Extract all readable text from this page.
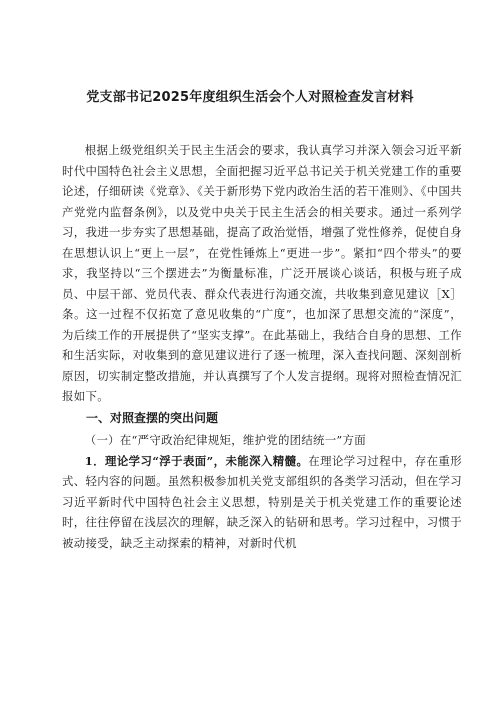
党支部书记2025年度组织生活会个人对照检查发言材料

根据上级党组织关于民主生活会的要求，我认真学习并深入领会习近平新时代中国特色社会主义思想，全面把握习近平总书记关于机关党建工作的重要论述，仔细研读《党章》、《关于新形势下党内政治生活的若干准则》、《中国共产党党内监督条例》，以及党中央关于民主生活会的相关要求。通过一系列学习，我进一步夯实了思想基础，提高了政治觉悟，增强了党性修养，促使自身在思想认识上“更上一层”，在党性锤炼上“更进一步”。紧扣“四个带头”的要求，我坚持以“三个摆进去”为衡量标准，广泛开展谈心谈话，积极与班子成员、中层干部、党员代表、群众代表进行沟通交流，共收集到意见建议［X］条。这一过程不仅拓宽了意见收集的“广度”，也加深了思想交流的“深度”，为后续工作的开展提供了“坚实支撑”。在此基础上，我结合自身的思想、工作和生活实际，对收集到的意见建议进行了逐一梳理，深入查找问题、深刻剖析原因，切实制定整改措施，并认真撰写了个人发言提纲。现将对照检查情况汇报如下。

一、对照查摆的突出问题

（一）在“严守政治纪律规矩，维护党的团结统一”方面

1．理论学习“浮于表面”，未能深入精髓。在理论学习过程中，存在重形式、轻内容的问题。虽然积极参加机关党支部组织的各类学习活动，但在学习习近平新时代中国特色社会主义思想，特别是关于机关党建工作的重要论述时，往往停留在浅层次的理解，缺乏深入的钻研和思考。学习过程中，习惯于被动接受，缺乏主动探索的精神，对新时代机
